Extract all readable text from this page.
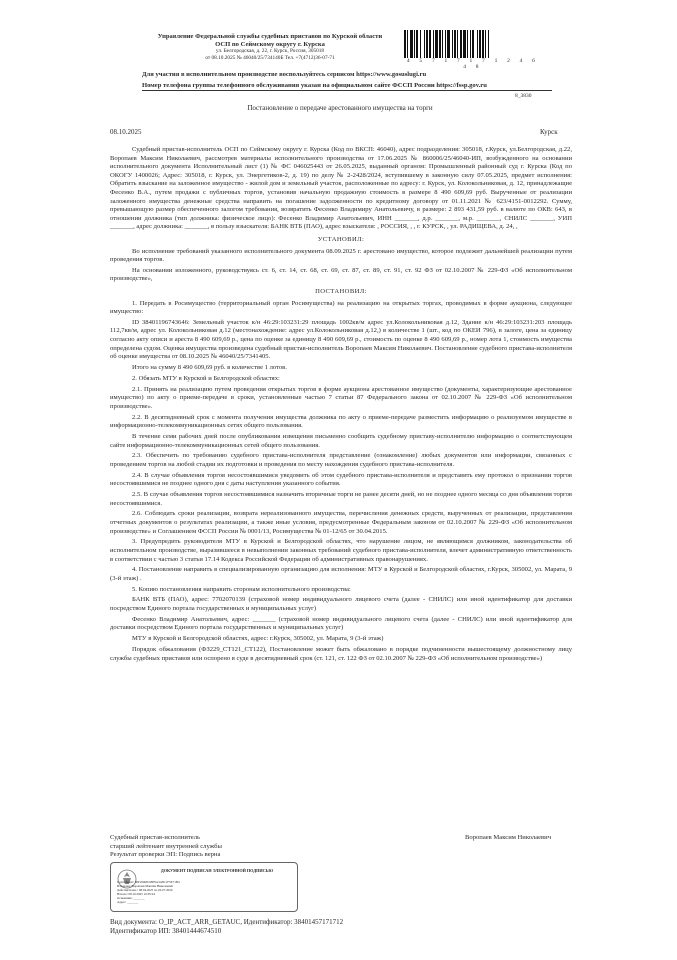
Управление Федеральной службы судебных приставов по Курской области

ОСП по Сеймскому округу г. Курска

ул. Белгородская, д. 22, г. Курск, Россия, 305018

от 08.10.2025 № 46040/25/734140Б Тел. +7(4712)36-07-71

4 5 7 1 7 1 7 1 2 4 6 4 8

Для участия в исполнительном производстве воспользуйтесь сервисом https://www.gosuslugi.ru

Номер телефона группы телефонного обслуживания указан на официальном сайте ФССП России https://fssp.gov.ru

8_3830
Постановление о передаче арестованного имущества на торги
08.10.2025	Курск

Судебный пристав-исполнитель ОСП по Сеймскому округу г. Курска (Код по ВКСП: 46040), адрес подразделения: 305018, г.Курск, ул.Белгородская, д.22, Воропаев Максим Николаевич, рассмотрев материалы исполнительного производства от 17.06.2025 № 860006/25/46040-ИП, возбужденного на основании исполнительного документа Исполнительный лист (1) № ФС 046025443 от 26.05.2025, выданный органом: Промышленный районный суд г. Курска (Код по ОКОГУ 1400026; Адрес: 305018, г. Курск, ул. Энергетиков-2, д. 19) по делу № 2-2428/2024, вступившему в законную силу 07.05.2025, предмет исполнения: Обратить взыскание на заложенное имущество - жилой дом и земельный участок, расположенные по адресу: г. Курск, ул. Колокольниковая, д. 12, принадлежащие Фесенко В.А., путем продажи с публичных торгов, установив начальную продажную стоимость в размере 8 490 609,69 руб. Вырученные от реализации заложенного имущества денежные средства направить на погашение задолженности по кредитному договору от 01.11.2021 № 623/4151-0012292. Сумму, превышающую размер обеспеченного залогом требования, возвратить Фесенко Владимиру Анатольевичу, в размере: 2 893 431,59 руб. в валюте по ОКВ: 643, в отношении должника (тип должника: физическое лицо): Фесенко Владимир Анатольевич, ИНН _______, д.р. _______, м.р. _______, СНИЛС _______, УИП _______, адрес должника: _______, в пользу взыскателя: БАНК ВТБ (ПАО), адрес взыскателя: , РОССИЯ, , , г. КУРСК, , ул. РАДИЩЕВА, д. 24, ,

УСТАНОВИЛ:

Во исполнение требований указанного исполнительного документа 08.09.2025 г. арестовано имущество, которое подлежит дальнейшей реализации путем проведения торгов.

На основании изложенного, руководствуясь ст. 6, ст. 14, ст. 68, ст. 69, ст. 87, ст. 89, ст. 91, ст. 92 ФЗ от 02.10.2007 № 229-ФЗ «Об исполнительном производстве»,

ПОСТАНОВИЛ:

1. Передать в Росимущество (территориальный орган Росимущества) на реализацию на открытых торгах, проводимых в форме аукциона, следующее имущество:

ID 38401196743646: Земельный участок к/н 46:29:103231:29 площадь 1002кв/м адрес ул.Колокольниковая д.12, Здание к/н 46:29:103231:203 площадь 112,7кв/м, адрес ул. Колокольниковая д.12 (местонахождение: адрес ул.Колокольниковая д.12,) в количестве 1 (шт., код по ОКЕИ 796), в залоге, цена за единицу согласно акту описи и ареста 8 490 609,69 р., цена по оценке за единицу 8 490 609,69 р., стоимость по оценке 8 490 609,69 р., номер лота 1, стоимость имущества определена судом. Оценка имущества произведена судебный пристав-исполнитель Воропаев Максим Николаевич. Постановление судебного пристава-исполнителя об оценке имущества от 08.10.2025 № 46040/25/7341405.

Итого на сумму 8 490 609,69 руб. в количестве 1 лотов.

2. Обязать МТУ в Курской и Белгородской областях:

2.1. Принять на реализацию путем проведения открытых торгов в форме аукциона арестованное имущество (документы, характеризующие арестованное имущество) по акту о приеме-передаче в сроки, установленные частью 7 статьи 87 Федерального закона от 02.10.2007 № 229-ФЗ «Об исполнительном производстве».

2.2. В десятидневный срок с момента получения имущества должника по акту о приеме-передаче разместить информацию о реализуемом имуществе в информационно-телекоммуникационных сетях общего пользования.

В течение семи рабочих дней после опубликования извещения письменно сообщить судебному приставу-исполнителю информацию о соответствующем сайте информационно-телекоммуникационных сетей общего пользования.

2.3. Обеспечить по требованию судебного пристава-исполнителя представление (ознакомление) любых документов или информации, связанных с проведением торгов на любой стадии их подготовки и проведения по месту нахождения судебного пристава-исполнителя.

2.4. В случае объявления торгов несостоявшимися уведомить об этом судебного пристава-исполнителя и представить ему протокол о признании торгов несостоявшимися не позднее одного дня с даты наступления указанного события.

2.5. В случае объявления торгов несостоявшимися назначить вторичные торги не ранее десяти дней, но не позднее одного месяца со дня объявления торгов несостоявшимися.

2.6. Соблюдать сроки реализации, возврата нереализованного имущества, перечисления денежных средств, вырученных от реализации, представления отчетных документов о результатах реализации, а также иные условия, предусмотренные Федеральным законом от 02.10.2007 № 229-ФЗ «Об исполнительном производстве» и Соглашением ФССП России № 0001/13, Росимущества № 01-12/65 от 30.04.2015.

3. Предупредить руководителя МТУ в Курской и Белгородской областях, что нарушение лицом, не являющимся должником, законодательства об исполнительном производстве, выразившееся в невыполнении законных требований судебного пристава-исполнителя, влечет административную ответственность в соответствии с частью 3 статьи 17.14 Кодекса Российской Федерации об административных правонарушениях.

4. Постановление направить в специализированную организацию для исполнения: МТУ в Курской и Белгородской областях, г.Курск, 305002, ул. Марата, 9 (3-й этаж) .

5. Копию постановления направить сторонам исполнительного производства:

БАНК ВТБ (ПАО), адрес: 7702070139 (страховой номер индивидуального лицевого счета (далее - СНИЛС) или иной идентификатор для доставки посредством Единого портала государственных и муниципальных услуг)

Фесенко Владимир Анатольевич, адрес: _______ (страховой номер индивидуального лицевого счета (далее - СНИЛС) или иной идентификатор для доставки посредством Единого портала государственных и муниципальных услуг)

МТУ в Курской и Белгородской областях, адрес: г.Курск, 305002, ул. Марата, 9 (3-й этаж)

Порядок обжалования (ФЗ229_СТ121_СТ122), Постановление может быть обжаловано в порядке подчиненности вышестоящему должностному лицу службы судебных приставов или оспорено в суде в десятидневный срок (ст. 121, ст. 122 ФЗ от 02.10.2007 № 229-ФЗ «Об исполнительном производстве»)

Судебный пристав-исполнитель

старший лейтенант внутренней службы

Результат проверки ЭП: Подпись верна

Воропаев Максим Николаевич
ДОКУМЕНТ ПОДПИСАН ЭЛЕКТРОННОЙ ПОДПИСЬЮ
Сертификат: 00F2D481D8F0A3A8C1F5E71B4
Владелец: Воропаев Максим Николаевич
Действителен с 08.04.2025 по 02.07.2026
Начало: 08.10.2025 16:05:24
Основание: _______
Адрес: _______

Вид документа: O_IP_ACT_ARR_GETAUC, Идентификатор: 38401457171712

Идентификатор ИП: 38401444674510
